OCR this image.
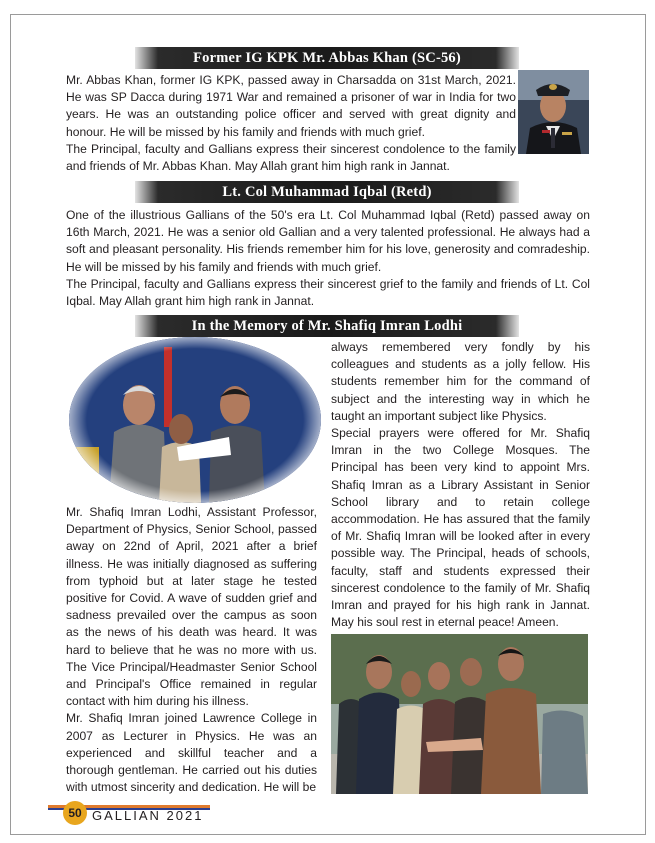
Former IG KPK Mr. Abbas Khan (SC-56)

Mr. Abbas Khan, former IG KPK, passed away in Charsadda on 31st March, 2021. He was SP Dacca during 1971 War and remained a prisoner of war in India for two years. He was an outstanding police officer and served with great dignity and honour. He will be missed by his family and friends with much grief.

The Principal, faculty and Gallians express their sincerest condolence to the family and friends of Mr. Abbas Khan. May Allah grant him high rank in Jannat.

Lt. Col Muhammad Iqbal (Retd)

One of the illustrious Gallians of the 50's era Lt. Col Muhammad Iqbal (Retd) passed away on 16th March, 2021. He was a senior old Gallian and a very talented professional. He always had a soft and pleasant personality. His friends remember him for his love, generosity and comradeship. He will be missed by his family and friends with much grief.

The Principal, faculty and Gallians express their sincerest grief to the family and friends of Lt. Col Iqbal. May Allah grant him high rank in Jannat.

In the Memory of Mr. Shafiq Imran Lodhi

Mr. Shafiq Imran Lodhi, Assistant Professor, Department of Physics, Senior School, passed away on 22nd of April, 2021 after a brief illness. He was initially diagnosed as suffering from typhoid but at later stage he tested positive for Covid. A wave of sudden grief and sadness prevailed over the campus as soon as the news of his death was heard. It was hard to believe that he was no more with us. The Vice Principal/Headmaster Senior School and Principal's Office remained in regular contact with him during his illness.

Mr. Shafiq Imran joined Lawrence College in 2007 as Lecturer in Physics. He was an experienced and skillful teacher and a thorough gentleman. He carried out his duties with utmost sincerity and dedication. He will be

always remembered very fondly by his colleagues and students as a jolly fellow. His students remember him for the command of subject and the interesting way in which he taught an important subject like Physics.

Special prayers were offered for Mr. Shafiq Imran in the two College Mosques. The Principal has been very kind to appoint Mrs. Shafiq Imran as a Library Assistant in Senior School library and to retain college accommodation. He has assured that the family of Mr. Shafiq Imran will be looked after in every possible way. The Principal, heads of schools, faculty, staff and students expressed their sincerest condolence to the family of Mr. Shafiq Imran and prayed for his high rank in Jannat. May his soul rest in eternal peace! Ameen.

50 GALLIAN 2021
